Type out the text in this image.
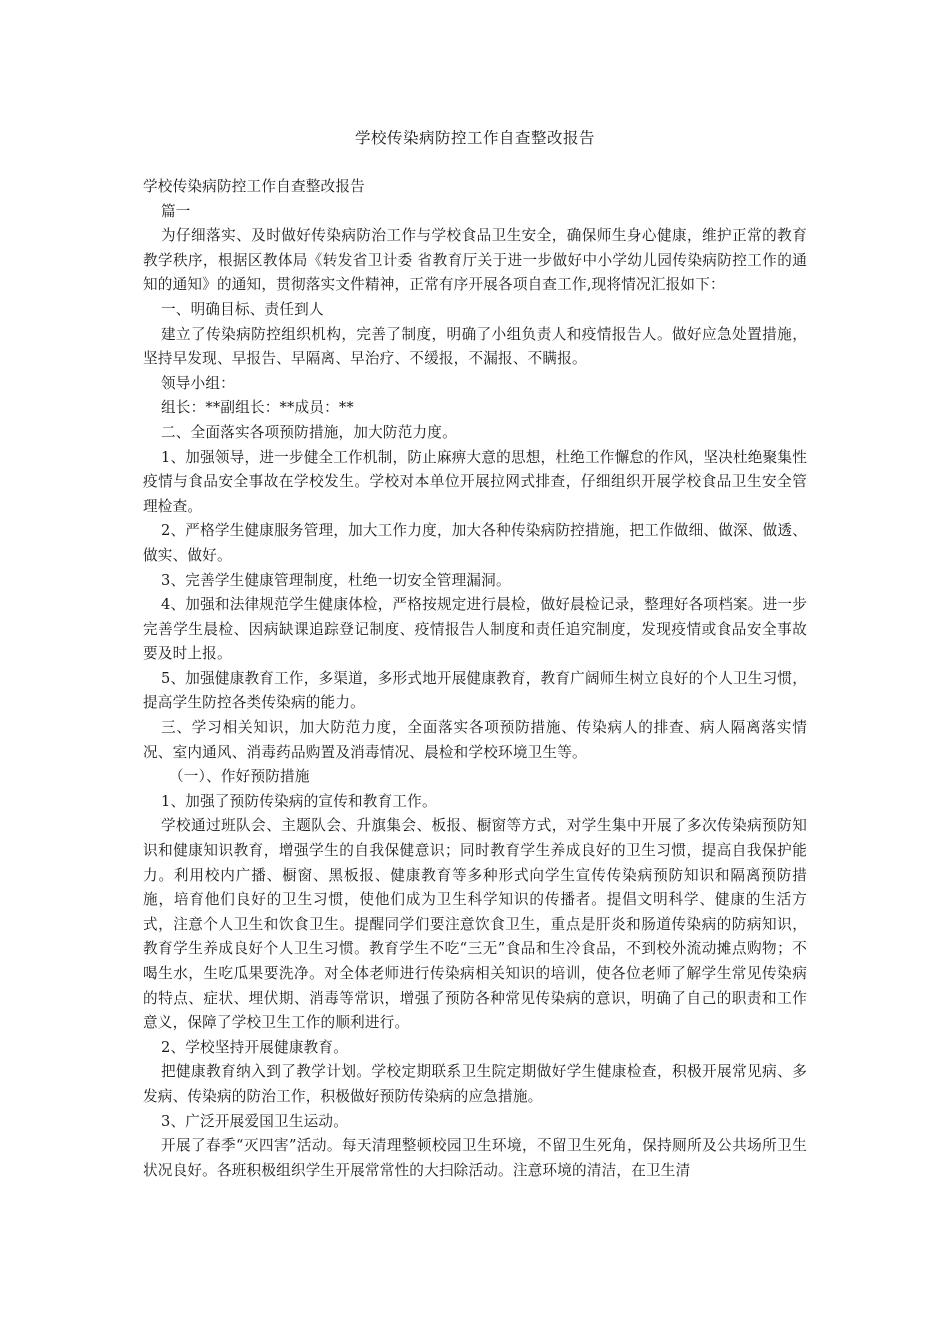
学校传染病防控工作自查整改报告

学校传染病防控工作自查整改报告

篇一

为仔细落实、及时做好传染病防治工作与学校食品卫生安全，确保师生身心健康，维护正常的教育教学秩序，根据区教体局《转发省卫计委 省教育厅关于进一步做好中小学幼儿园传染病防控工作的通知的通知》的通知，贯彻落实文件精神，正常有序开展各项自查工作,现将情况汇报如下：

一、明确目标、责任到人

建立了传染病防控组织机构，完善了制度，明确了小组负责人和疫情报告人。做好应急处置措施，坚持早发现、早报告、早隔离、早治疗、不缓报，不漏报、不瞒报。

领导小组：

组长：**副组长：**成员：**

二、全面落实各项预防措施，加大防范力度。

1、加强领导，进一步健全工作机制，防止麻痹大意的思想，杜绝工作懈怠的作风，坚决杜绝聚集性疫情与食品安全事故在学校发生。学校对本单位开展拉网式排查，仔细组织开展学校食品卫生安全管理检查。

2、严格学生健康服务管理，加大工作力度，加大各种传染病防控措施，把工作做细、做深、做透、做实、做好。

3、完善学生健康管理制度，杜绝一切安全管理漏洞。

4、加强和法律规范学生健康体检，严格按规定进行晨检，做好晨检记录，整理好各项档案。进一步完善学生晨检、因病缺课追踪登记制度、疫情报告人制度和责任追究制度，发现疫情或食品安全事故要及时上报。

5、加强健康教育工作，多渠道，多形式地开展健康教育，教育广阔师生树立良好的个人卫生习惯，提高学生防控各类传染病的能力。

三、学习相关知识，加大防范力度，全面落实各项预防措施、传染病人的排查、病人隔离落实情况、室内通风、消毒药品购置及消毒情况、晨检和学校环境卫生等。

（一）、作好预防措施

1、加强了预防传染病的宣传和教育工作。

学校通过班队会、主题队会、升旗集会、板报、橱窗等方式，对学生集中开展了多次传染病预防知识和健康知识教育，增强学生的自我保健意识；同时教育学生养成良好的卫生习惯，提高自我保护能力。利用校内广播、橱窗、黑板报、健康教育等多种形式向学生宣传传染病预防知识和隔离预防措施，培育他们良好的卫生习惯，使他们成为卫生科学知识的传播者。提倡文明科学、健康的生活方式，注意个人卫生和饮食卫生。提醒同学们要注意饮食卫生，重点是肝炎和肠道传染病的防病知识，教育学生养成良好个人卫生习惯。教育学生不吃“三无”食品和生冷食品，不到校外流动摊点购物；不喝生水，生吃瓜果要洗净。对全体老师进行传染病相关知识的培训，使各位老师了解学生常见传染病的特点、症状、埋伏期、消毒等常识，增强了预防各种常见传染病的意识，明确了自己的职责和工作意义，保障了学校卫生工作的顺利进行。

2、学校坚持开展健康教育。

把健康教育纳入到了教学计划。学校定期联系卫生院定期做好学生健康检查，积极开展常见病、多发病、传染病的防治工作，积极做好预防传染病的应急措施。

3、广泛开展爱国卫生运动。

开展了春季“灭四害”活动。每天清理整顿校园卫生环境，不留卫生死角，保持厕所及公共场所卫生状况良好。各班积极组织学生开展常常性的大扫除活动。注意环境的清洁，在卫生清
